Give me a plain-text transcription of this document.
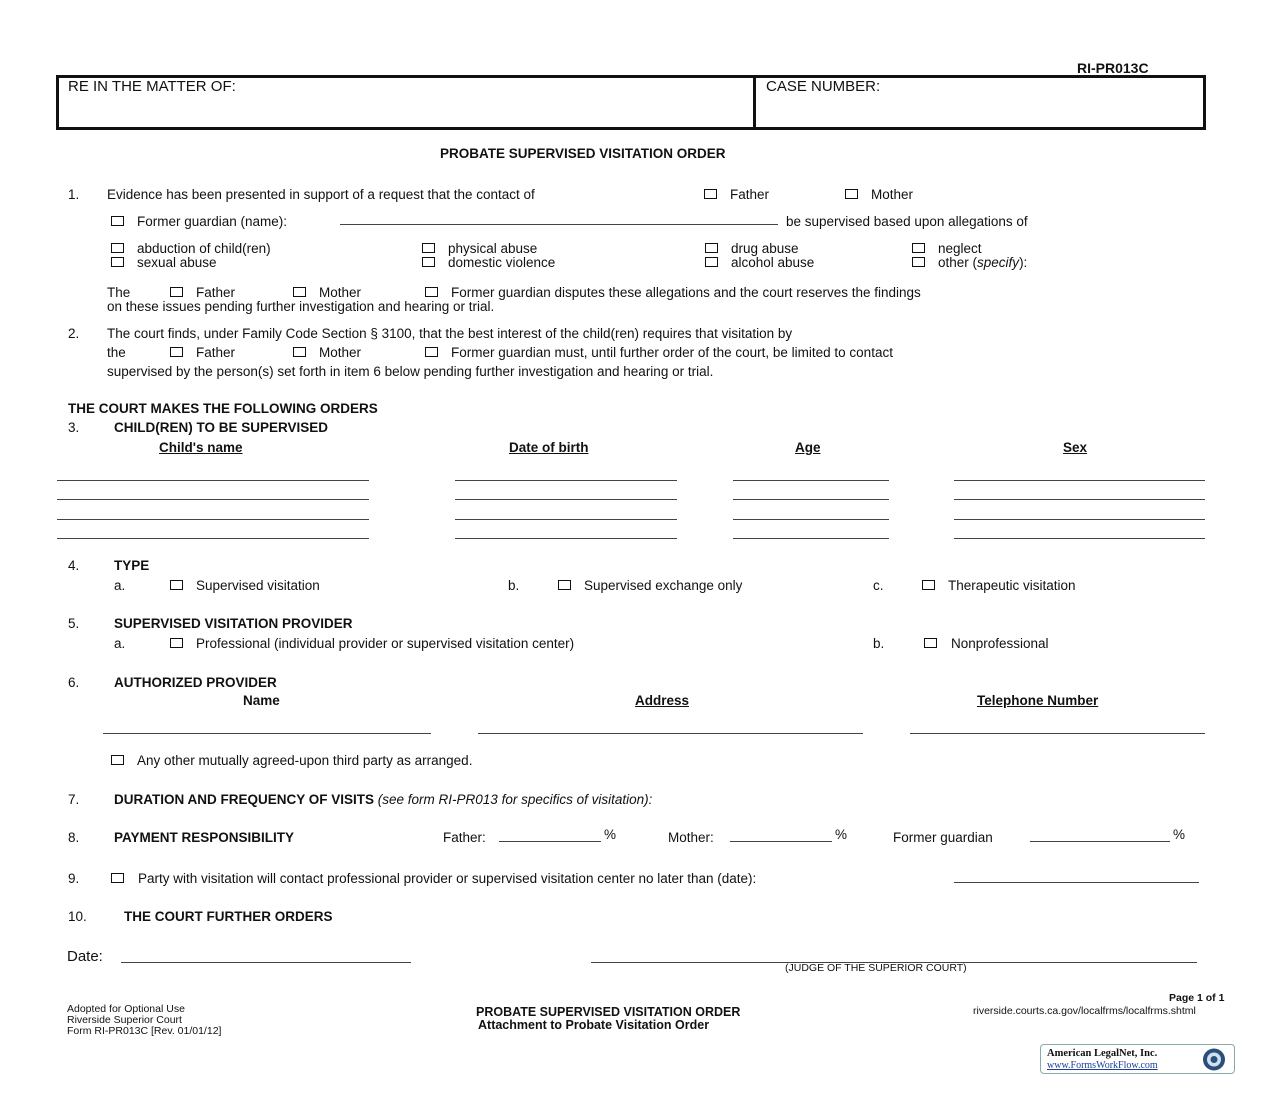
RI-PR013C
RE IN THE MATTER OF:	CASE NUMBER:
PROBATE SUPERVISED VISITATION ORDER
1. Evidence has been presented in support of a request that the contact of	Father	Mother
Former guardian (name):	be supervised based upon allegations of
abduction of child(ren)	physical abuse	drug abuse	neglect
sexual abuse	domestic violence	alcohol abuse	other (specify):
The	Father	Mother	Former guardian disputes these allegations and the court reserves the findings
on these issues pending further investigation and hearing or trial.
2. The court finds, under Family Code Section § 3100, that the best interest of the child(ren) requires that visitation by
the	Father	Mother	Former guardian must, until further order of the court, be limited to contact
supervised by the person(s) set forth in item 6 below pending further investigation and hearing or trial.
THE COURT MAKES THE FOLLOWING ORDERS
3.	CHILD(REN) TO BE SUPERVISED
Child's name	Date of birth	Age	Sex
4.	TYPE
a.	Supervised visitation	b.	Supervised exchange only	c.	Therapeutic visitation
5.	SUPERVISED VISITATION PROVIDER
a.	Professional (individual provider or supervised visitation center)	b.	Nonprofessional
6.	AUTHORIZED PROVIDER
Name	Address	Telephone Number
Any other mutually agreed-upon third party as arranged.
7.	DURATION AND FREQUENCY OF VISITS (see form RI-PR013 for specifics of visitation):
8.	PAYMENT RESPONSIBILITY	Father:	%	Mother:	%	Former guardian	%
9.	Party with visitation will contact professional provider or supervised visitation center no later than (date):
10.	THE COURT FURTHER ORDERS
Date:
(JUDGE OF THE SUPERIOR COURT)
Adopted for Optional Use
Riverside Superior Court
Form RI-PR013C [Rev. 01/01/12]
PROBATE SUPERVISED VISITATION ORDER
Attachment to Probate Visitation Order
Page 1 of 1
riverside.courts.ca.gov/localfrms/localfrms.shtml
American LegalNet, Inc.
www.FormsWorkFlow.com
